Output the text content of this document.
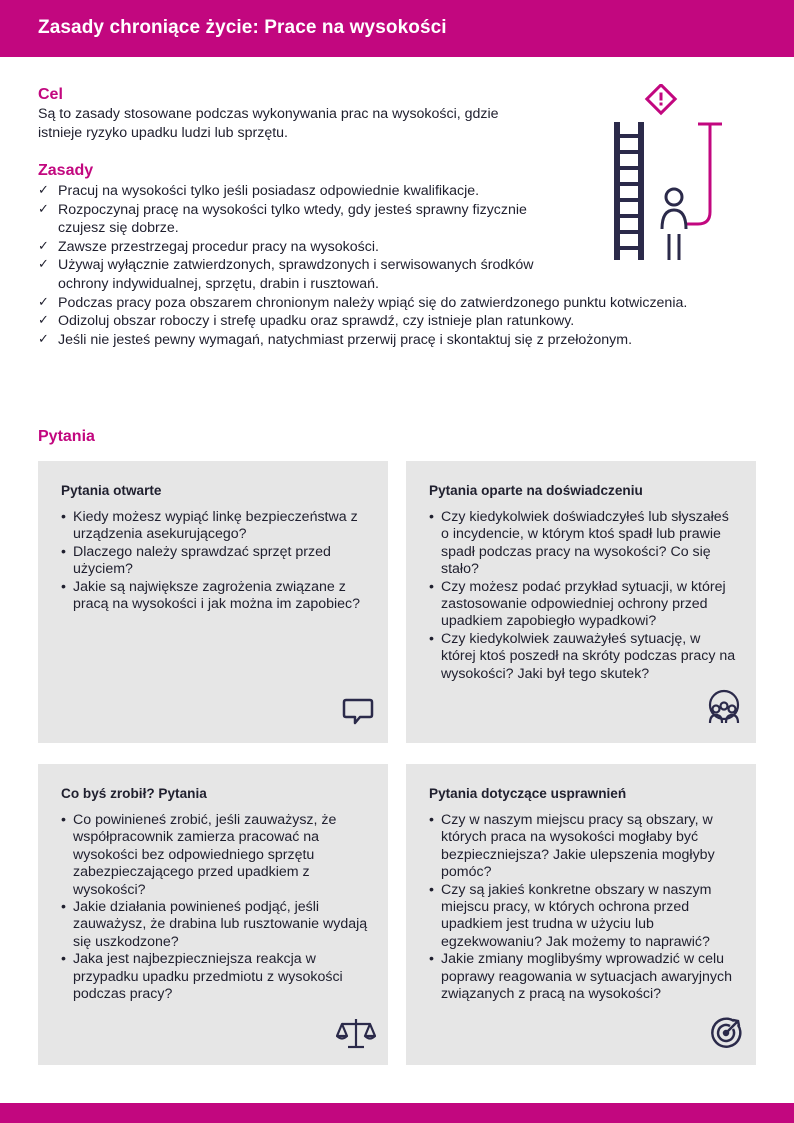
Zasady chroniące życie: Prace na wysokości
Cel

Są to zasady stosowane podczas wykonywania prac na wysokości, gdzie

istnieje ryzyko upadku ludzi lub sprzętu.

Zasady
✓ Pracuj na wysokości tylko jeśli posiadasz odpowiednie kwalifikacje.
✓ Rozpoczynaj pracę na wysokości tylko wtedy, gdy jesteś sprawny fizycznie czujesz się dobrze.
✓ Zawsze przestrzegaj procedur pracy na wysokości.
✓ Używaj wyłącznie zatwierdzonych, sprawdzonych i serwisowanych środków ochrony indywidualnej, sprzętu, drabin i rusztowań.
✓ Podczas pracy poza obszarem chronionym należy wpiąć się do zatwierdzonego punktu kotwiczenia.
✓ Odizoluj obszar roboczy i strefę upadku oraz sprawdź, czy istnieje plan ratunkowy.
✓ Jeśli nie jesteś pewny wymagań, natychmiast przerwij pracę i skontaktuj się z przełożonym.
Pytania
Pytania otwarte
• Kiedy możesz wypiąć linkę bezpieczeństwa z urządzenia asekurującego?
• Dlaczego należy sprawdzać sprzęt przed użyciem?
• Jakie są największe zagrożenia związane z pracą na wysokości i jak można im zapobiec?
Pytania oparte na doświadczeniu
• Czy kiedykolwiek doświadczyłeś lub słyszałeś o incydencie, w którym ktoś spadł lub prawie spadł podczas pracy na wysokości? Co się stało?
• Czy możesz podać przykład sytuacji, w której zastosowanie odpowiedniej ochrony przed upadkiem zapobiegło wypadkowi?
• Czy kiedykolwiek zauważyłeś sytuację, w której ktoś poszedł na skróty podczas pracy na wysokości? Jaki był tego skutek?
Co byś zrobił? Pytania
• Co powinieneś zrobić, jeśli zauważysz, że współpracownik zamierza pracować na wysokości bez odpowiedniego sprzętu zabezpieczającego przed upadkiem z wysokości?
• Jakie działania powinieneś podjąć, jeśli zauważysz, że drabina lub rusztowanie wydają się uszkodzone?
• Jaka jest najbezpieczniejsza reakcja w przypadku upadku przedmiotu z wysokości podczas pracy?
Pytania dotyczące usprawnień
• Czy w naszym miejscu pracy są obszary, w których praca na wysokości mogłaby być bezpieczniejsza? Jakie ulepszenia mogłyby pomóc?
• Czy są jakieś konkretne obszary w naszym miejscu pracy, w których ochrona przed upadkiem jest trudna w użyciu lub egzekwowaniu? Jak możemy to naprawić?
• Jakie zmiany moglibyśmy wprowadzić w celu poprawy reagowania w sytuacjach awaryjnych związanych z pracą na wysokości?
